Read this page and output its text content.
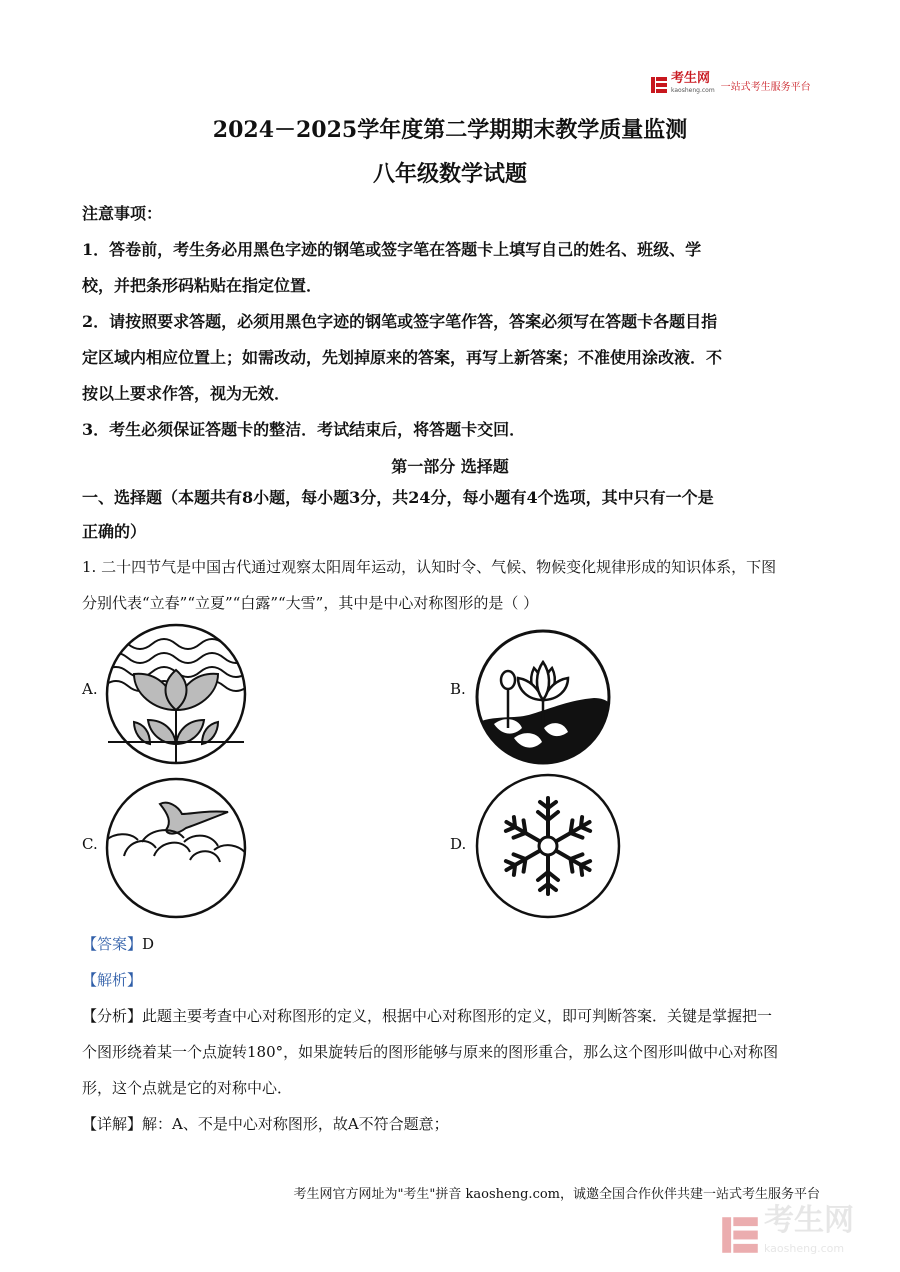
考生网
kaosheng.com 一站式考生服务平台
2024－2025学年度第二学期期末教学质量监测
八年级数学试题
注意事项：
1．答卷前，考生务必用黑色字迹的钢笔或签字笔在答题卡上填写自己的姓名、班级、学
校，并把条形码粘贴在指定位置．
2．请按照要求答题，必须用黑色字迹的钢笔或签字笔作答，答案必须写在答题卡各题目指
定区域内相应位置上；如需改动，先划掉原来的答案，再写上新答案；不准使用涂改液．不
按以上要求作答，视为无效．
3．考生必须保证答题卡的整洁．考试结束后，将答题卡交回．
第一部分 选择题
一、选择题（本题共有8小题，每小题3分，共24分，每小题有4个选项，其中只有一个是
正确的）
1. 二十四节气是中国古代通过观察太阳周年运动，认知时令、气候、物候变化规律形成的知识体系，下图
分别代表“立春”“立夏”“白露”“大雪”，其中是中心对称图形的是（ ）
A.	B.
C.	D.
【答案】D
【解析】
【分析】此题主要考查中心对称图形的定义，根据中心对称图形的定义，即可判断答案．关键是掌握把一
个图形绕着某一个点旋转180°，如果旋转后的图形能够与原来的图形重合，那么这个图形叫做中心对称图
形，这个点就是它的对称中心．
【详解】解：A、不是中心对称图形，故A不符合题意；
考生网官方网址为"考生"拼音 kaosheng.com，诚邀全国合作伙伴共建一站式考生服务平台
考生网
kaosheng.com
